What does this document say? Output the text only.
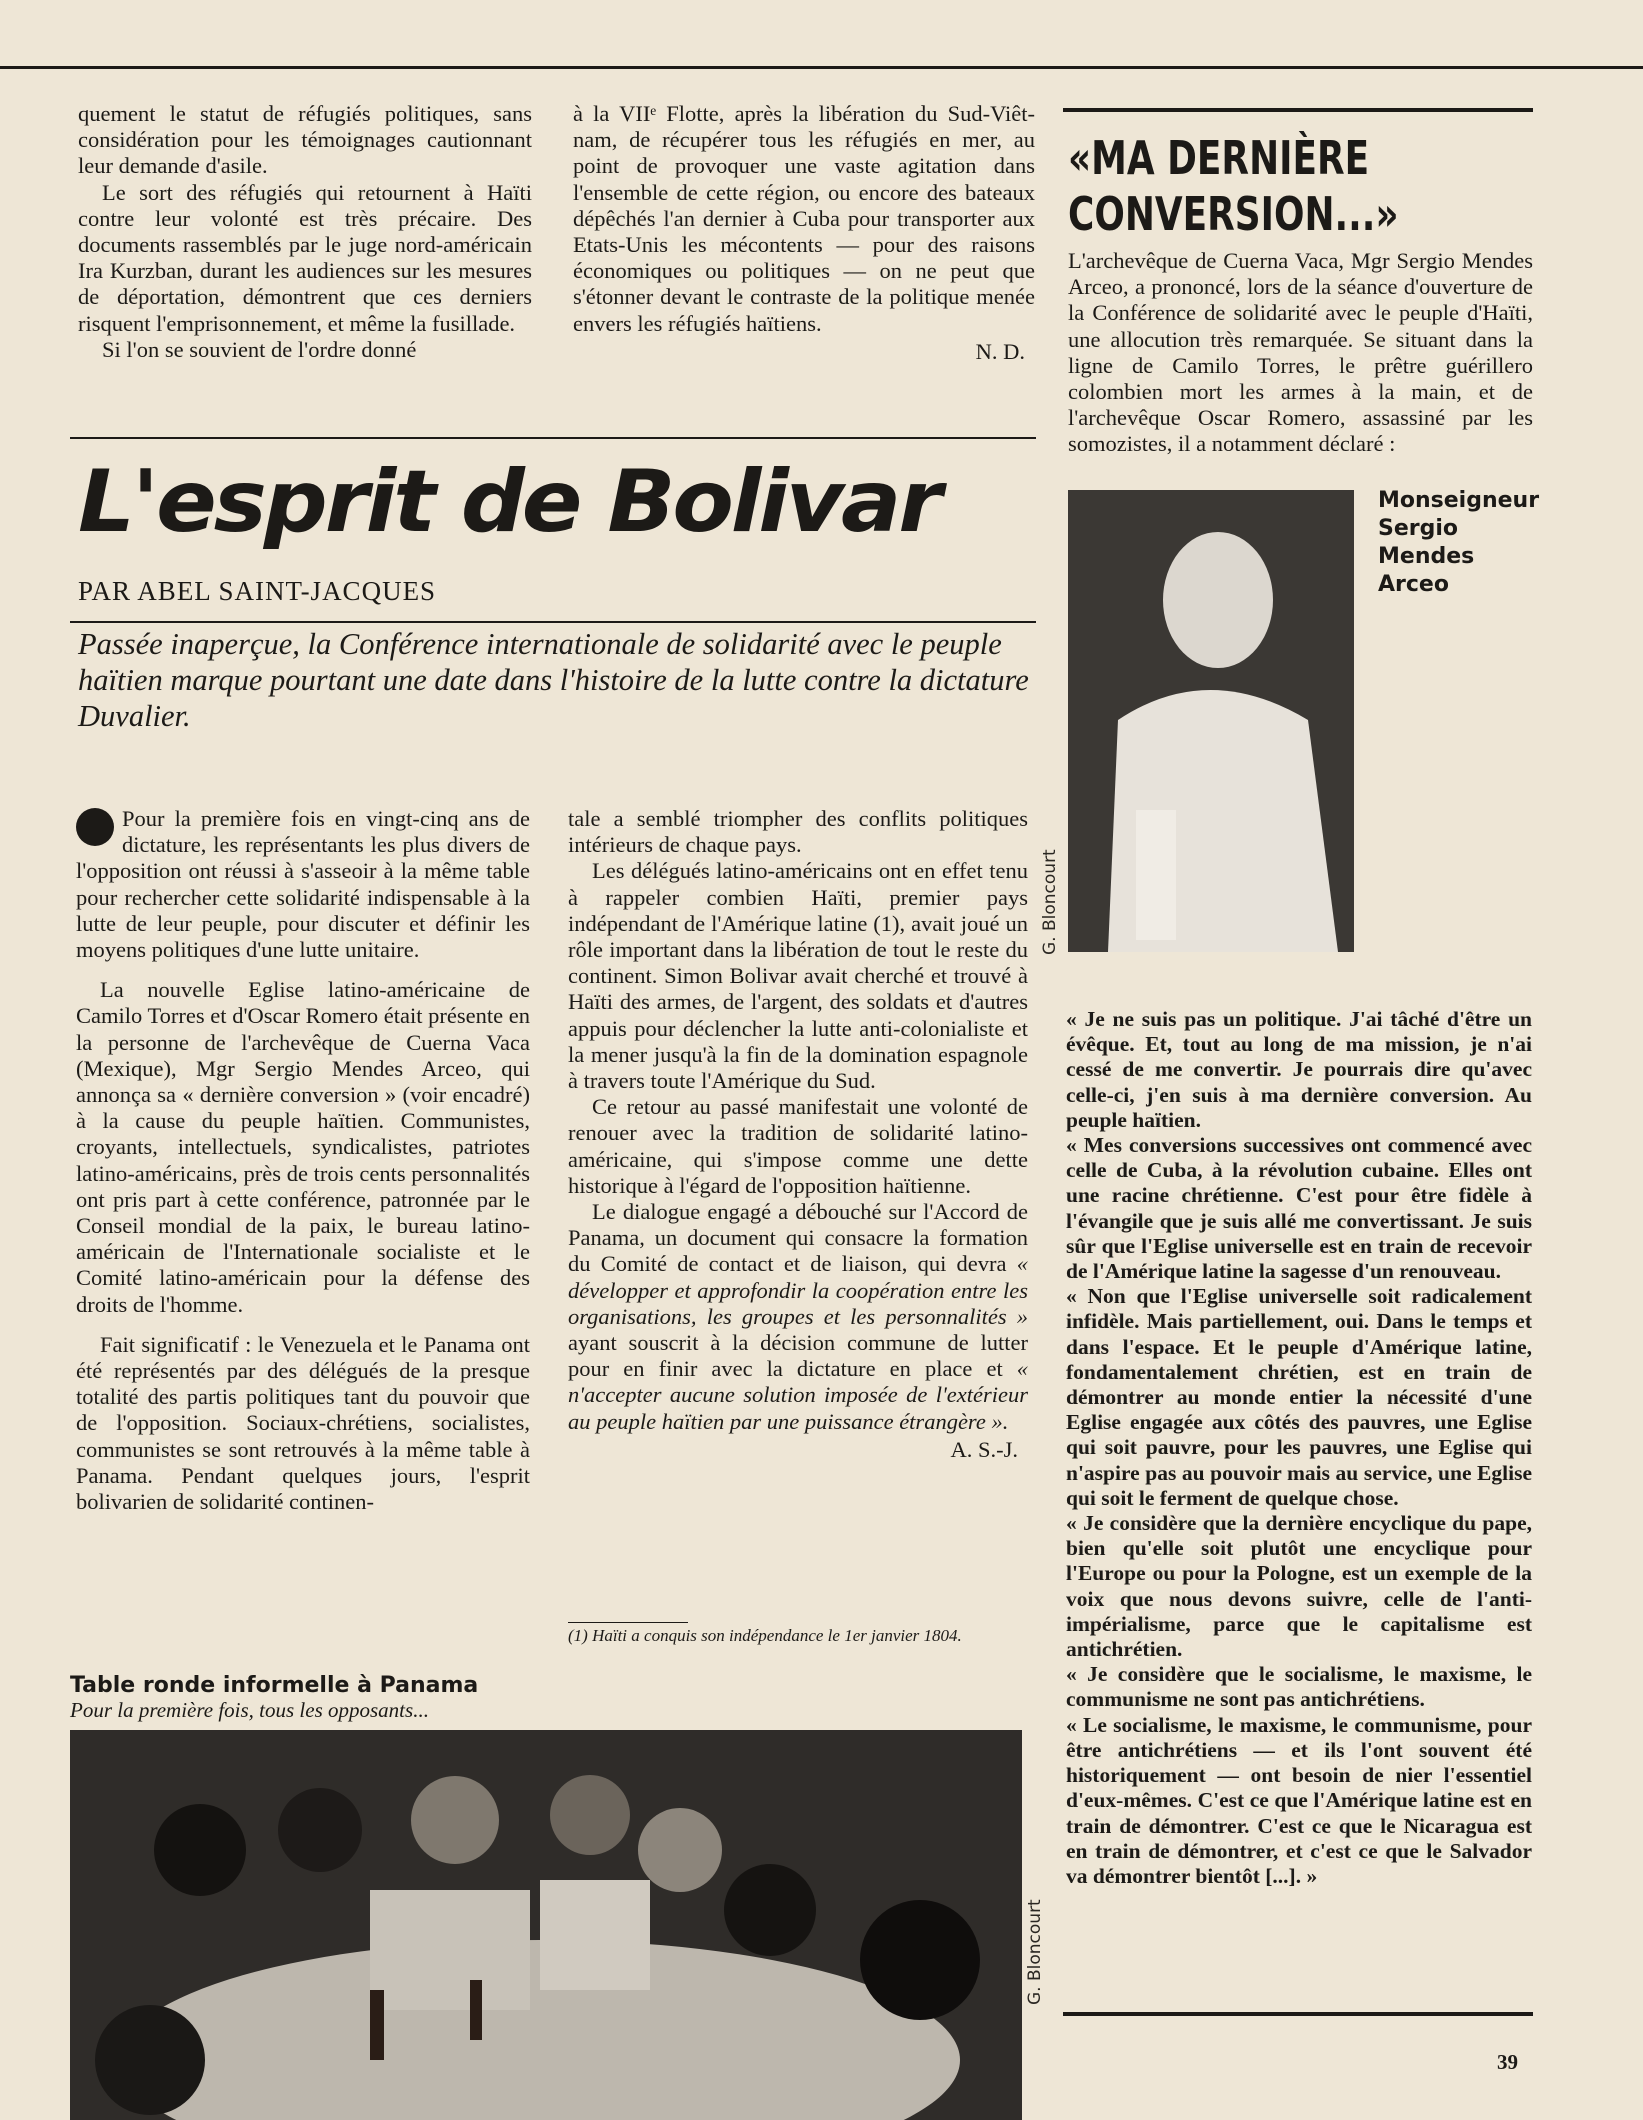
quement le statut de réfugiés politiques, sans considération pour les témoignages cautionnant leur demande d'asile.

Le sort des réfugiés qui retournent à Haïti contre leur volonté est très précaire. Des documents rassemblés par le juge nord-américain Ira Kurzban, durant les audiences sur les mesures de déportation, démontrent que ces derniers risquent l'emprisonnement, et même la fusillade.

Si l'on se souvient de l'ordre donné

à la VIIᵉ Flotte, après la libération du Sud-Viêt-nam, de récupérer tous les réfugiés en mer, au point de provoquer une vaste agitation dans l'ensemble de cette région, ou encore des bateaux dépêchés l'an dernier à Cuba pour transporter aux Etats-Unis les mécontents — pour des raisons économiques ou politiques — on ne peut que s'étonner devant le contraste de la politique menée envers les réfugiés haïtiens.

N. D.
L'esprit de Bolivar
PAR ABEL SAINT-JACQUES
Passée inaperçue, la Conférence internationale de solidarité avec le peuple haïtien marque pourtant une date dans l'histoire de la lutte contre la dictature Duvalier.

Pour la première fois en vingt-cinq ans de dictature, les représentants les plus divers de l'opposition ont réussi à s'asseoir à la même table pour rechercher cette solidarité indispensable à la lutte de leur peuple, pour discuter et définir les moyens politiques d'une lutte unitaire.

La nouvelle Eglise latino-américaine de Camilo Torres et d'Oscar Romero était présente en la personne de l'archevêque de Cuerna Vaca (Mexique), Mgr Sergio Mendes Arceo, qui annonça sa « dernière conversion » (voir encadré) à la cause du peuple haïtien. Communistes, croyants, intellectuels, syndicalistes, patriotes latino-américains, près de trois cents personnalités ont pris part à cette conférence, patronnée par le Conseil mondial de la paix, le bureau latino-américain de l'Internationale socialiste et le Comité latino-américain pour la défense des droits de l'homme.

Fait significatif : le Venezuela et le Panama ont été représentés par des délégués de la presque totalité des partis politiques tant du pouvoir que de l'opposition. Sociaux-chrétiens, socialistes, communistes se sont retrouvés à la même table à Panama. Pendant quelques jours, l'esprit bolivarien de solidarité continen-

tale a semblé triompher des conflits politiques intérieurs de chaque pays.

Les délégués latino-américains ont en effet tenu à rappeler combien Haïti, premier pays indépendant de l'Amérique latine (1), avait joué un rôle important dans la libération de tout le reste du continent. Simon Bolivar avait cherché et trouvé à Haïti des armes, de l'argent, des soldats et d'autres appuis pour déclencher la lutte anti-colonialiste et la mener jusqu'à la fin de la domination espagnole à travers toute l'Amérique du Sud.

Ce retour au passé manifestait une volonté de renouer avec la tradition de solidarité latino-américaine, qui s'impose comme une dette historique à l'égard de l'opposition haïtienne.

Le dialogue engagé a débouché sur l'Accord de Panama, un document qui consacre la formation du Comité de contact et de liaison, qui devra « développer et approfondir la coopération entre les organisations, les groupes et les personnalités » ayant souscrit à la décision commune de lutter pour en finir avec la dictature en place et « n'accepter aucune solution imposée de l'extérieur au peuple haïtien par une puissance étrangère ».

A. S.-J.
(1) Haïti a conquis son indépendance le 1er janvier 1804.
Table ronde informelle à Panama
Pour la première fois, tous les opposants...
G. Bloncourt
«MA DERNIÈRE
CONVERSION...»

L'archevêque de Cuerna Vaca, Mgr Sergio Mendes Arceo, a prononcé, lors de la séance d'ouverture de la Conférence de solidarité avec le peuple d'Haïti, une allocution très remarquée. Se situant dans la ligne de Camilo Torres, le prêtre guérillero colombien mort les armes à la main, et de l'archevêque Oscar Romero, assassiné par les somozistes, il a notamment déclaré :

Monseigneur
Sergio
Mendes
Arceo
G. Bloncourt

« Je ne suis pas un politique. J'ai tâché d'être un évêque. Et, tout au long de ma mission, je n'ai cessé de me convertir. Je pourrais dire qu'avec celle-ci, j'en suis à ma dernière conversion. Au peuple haïtien.

« Mes conversions successives ont commencé avec celle de Cuba, à la révolution cubaine. Elles ont une racine chrétienne. C'est pour être fidèle à l'évangile que je suis allé me convertissant. Je suis sûr que l'Eglise universelle est en train de recevoir de l'Amérique latine la sagesse d'un renouveau.

« Non que l'Eglise universelle soit radicalement infidèle. Mais partiellement, oui. Dans le temps et dans l'espace. Et le peuple d'Amérique latine, fondamentalement chrétien, est en train de démontrer au monde entier la nécessité d'une Eglise engagée aux côtés des pauvres, une Eglise qui soit pauvre, pour les pauvres, une Eglise qui n'aspire pas au pouvoir mais au service, une Eglise qui soit le ferment de quelque chose.

« Je considère que la dernière encyclique du pape, bien qu'elle soit plutôt une encyclique pour l'Europe ou pour la Pologne, est un exemple de la voix que nous devons suivre, celle de l'anti-impérialisme, parce que le capitalisme est antichrétien.

« Je considère que le socialisme, le maxisme, le communisme ne sont pas antichrétiens.

« Le socialisme, le maxisme, le communisme, pour être antichrétiens — et ils l'ont souvent été historiquement — ont besoin de nier l'essentiel d'eux-mêmes. C'est ce que l'Amérique latine est en train de démontrer. C'est ce que le Nicaragua est en train de démontrer, et c'est ce que le Salvador va démontrer bientôt [...]. »

39
